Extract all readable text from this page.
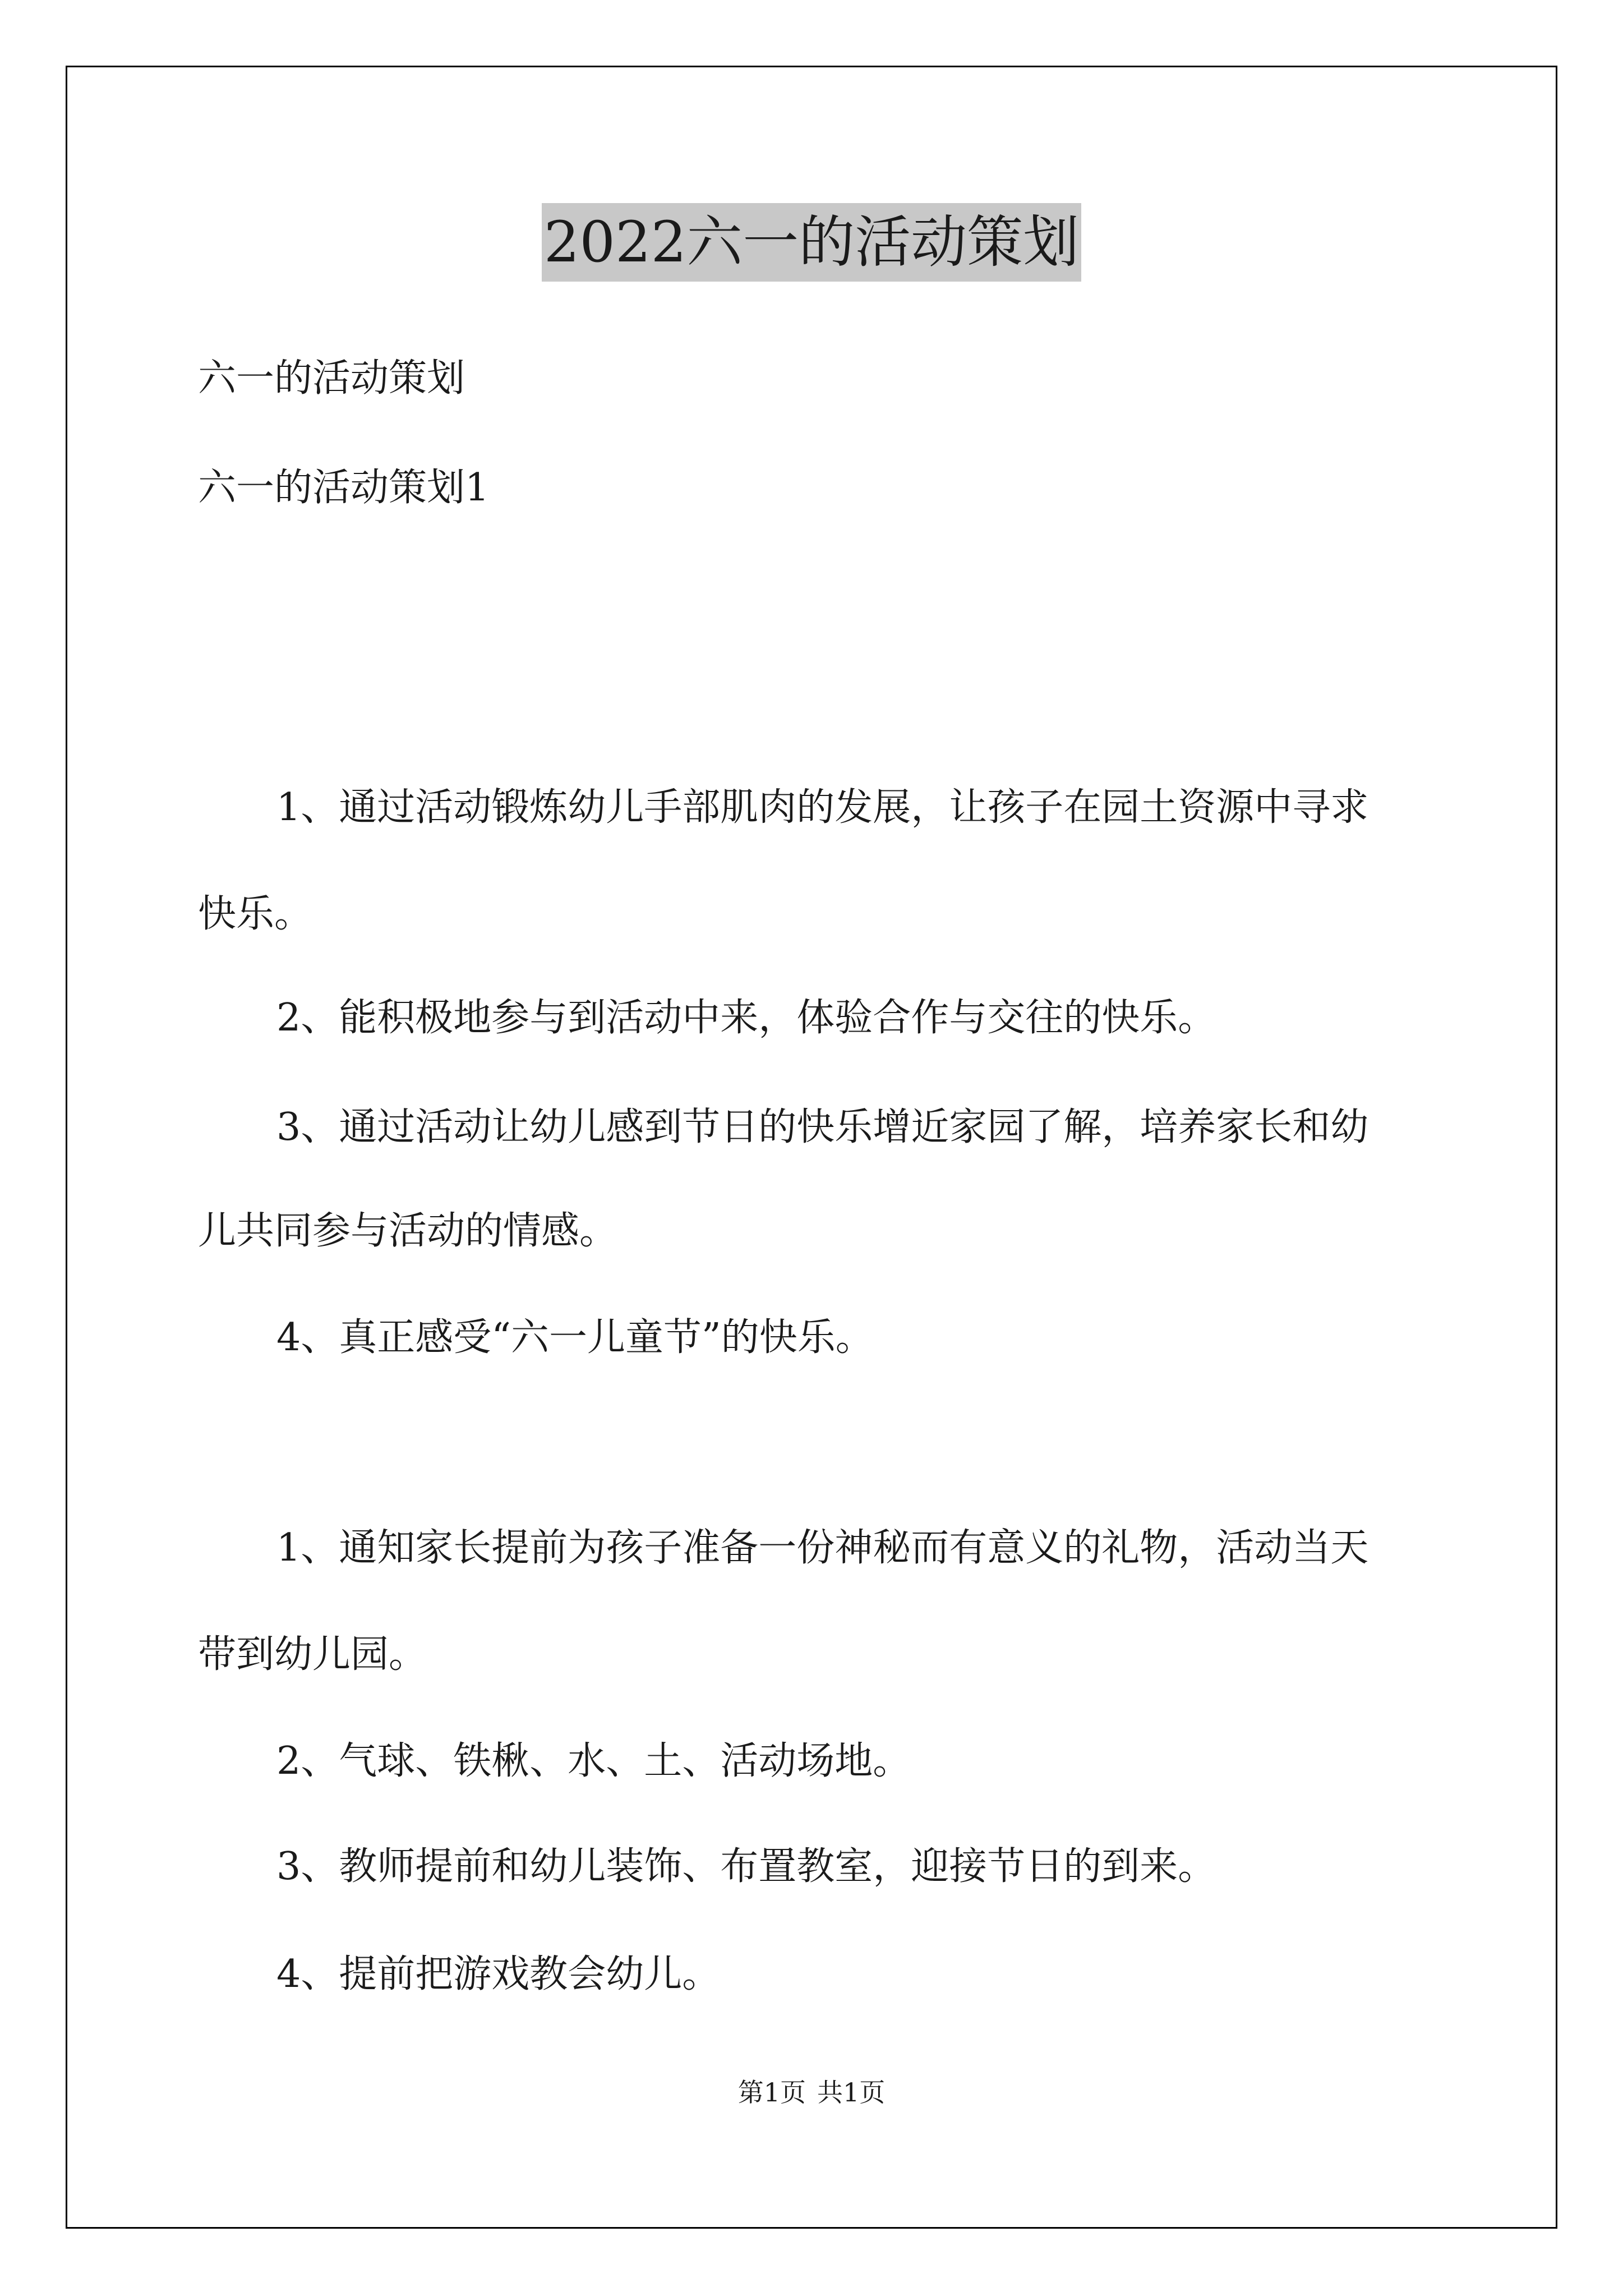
2022六一的活动策划
六一的活动策划
六一的活动策划1
1、通过活动锻炼幼儿手部肌肉的发展，让孩子在园土资源中寻求
快乐。
2、能积极地参与到活动中来，体验合作与交往的快乐。
3、通过活动让幼儿感到节日的快乐增近家园了解，培养家长和幼
儿共同参与活动的情感。
4、真正感受“六一儿童节”的快乐。
1、通知家长提前为孩子准备一份神秘而有意义的礼物，活动当天
带到幼儿园。
2、气球、铁楸、水、土、活动场地。
3、教师提前和幼儿装饰、布置教室，迎接节日的到来。
4、提前把游戏教会幼儿。
第1页 共1页
